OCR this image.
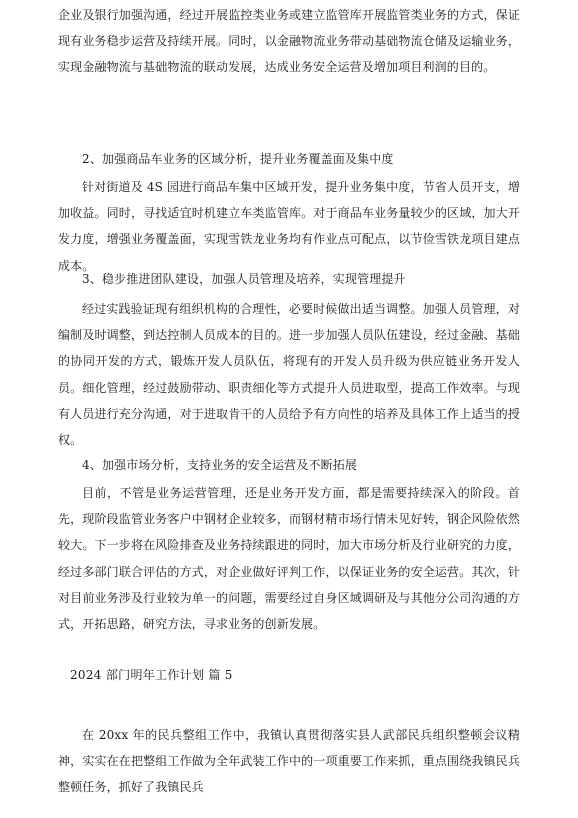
企业及银行加强沟通，经过开展监控类业务或建立监管库开展监管类业务的方式，保证现有业务稳步运营及持续开展。同时，以金融物流业务带动基础物流仓储及运输业务，实现金融物流与基础物流的联动发展，达成业务安全运营及增加项目利润的目的。

2、加强商品车业务的区域分析，提升业务覆盖面及集中度

针对街道及 4S 园进行商品车集中区域开发，提升业务集中度，节省人员开支，增加收益。同时，寻找适宜时机建立车类监管库。对于商品车业务量较少的区域，加大开发力度，增强业务覆盖面，实现雪铁龙业务均有作业点可配点，以节俭雪铁龙项目建点成本。

3、稳步推进团队建设，加强人员管理及培养，实现管理提升

经过实践验证现有组织机构的合理性，必要时候做出适当调整。加强人员管理，对编制及时调整，到达控制人员成本的目的。进一步加强人员队伍建设，经过金融、基础的协同开发的方式，锻炼开发人员队伍，将现有的开发人员升级为供应链业务开发人员。细化管理，经过鼓励带动、职责细化等方式提升人员进取型，提高工作效率。与现有人员进行充分沟通，对于进取肯干的人员给予有方向性的培养及具体工作上适当的授权。

4、加强市场分析，支持业务的安全运营及不断拓展

目前，不管是业务运营管理，还是业务开发方面，都是需要持续深入的阶段。首先，现阶段监管业务客户中钢材企业较多，而钢材精市场行情未见好转，钢企风险依然较大。下一步将在风险排查及业务持续跟进的同时，加大市场分析及行业研究的力度，经过多部门联合评估的方式，对企业做好评判工作，以保证业务的安全运营。其次，针对目前业务涉及行业较为单一的问题，需要经过自身区域调研及与其他分公司沟通的方式，开拓思路，研究方法，寻求业务的创新发展。

2024 部门明年工作计划 篇 5

在 20xx 年的民兵整组工作中，我镇认真贯彻落实县人武部民兵组织整顿会议精神，实实在在把整组工作做为全年武装工作中的一项重要工作来抓，重点围绕我镇民兵整顿任务，抓好了我镇民兵
